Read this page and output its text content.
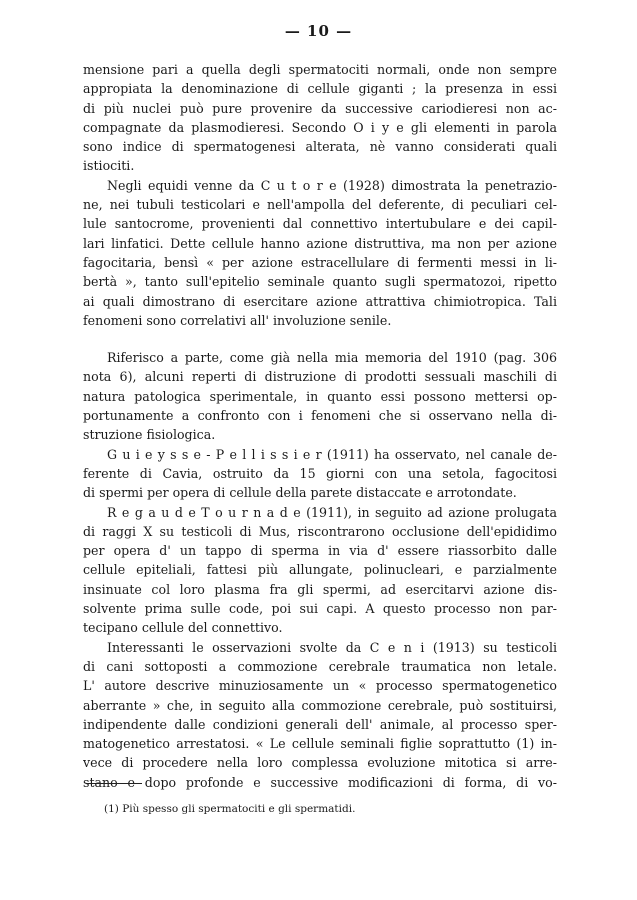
— 10 —
mensione pari a quella degli spermatociti normali, onde non sempre
appropiata la denominazione di cellule giganti ; la presenza in essi
di più nuclei può pure provenire da successive cariodieresi non ac-
compagnate da plasmodieresi. Secondo O i y e gli elementi in parola
sono indice di spermatogenesi alterata, nè vanno considerati quali
istiociti.
Negli equidi venne da C u t o r e (1928) dimostrata la penetrazio-
ne, nei tubuli testicolari e nell'ampolla del deferente, di peculiari cel-
lule santocrome, provenienti dal connettivo intertubulare e dei capil-
lari linfatici. Dette cellule hanno azione distruttiva, ma non per azione
fagocitaria, bensì « per azione estracellulare di fermenti messi in li-
bertà », tanto sull'epitelio seminale quanto sugli spermatozoi, ripetto
ai quali dimostrano di esercitare azione attrattiva chimiotropica. Tali
fenomeni sono correlativi all' involuzione senile.
Riferisco a parte, come già nella mia memoria del 1910 (pag. 306
nota 6), alcuni reperti di distruzione di prodotti sessuali maschili di
natura patologica sperimentale, in quanto essi possono mettersi op-
portunamente a confronto con i fenomeni che si osservano nella di-
struzione fisiologica.
G u i e y s s e - P e l l i s s i e r (1911) ha osservato, nel canale de-
ferente di Cavia, ostruito da 15 giorni con una setola, fagocitosi
di spermi per opera di cellule della parete distaccate e arrotondate.
R e g a u d e T o u r n a d e (1911), in seguito ad azione prolugata
di raggi X su testicoli di Mus, riscontrarono occlusione dell'epididimo
per opera d' un tappo di sperma in via d' essere riassorbito dalle
cellule epiteliali, fattesi più allungate, polinucleari, e parzialmente
insinuate col loro plasma fra gli spermi, ad esercitarvi azione dis-
solvente prima sulle code, poi sui capi. A questo processo non par-
tecipano cellule del connettivo.
Interessanti le osservazioni svolte da C e n i (1913) su testicoli
di cani sottoposti a commozione cerebrale traumatica non letale.
L' autore descrive minuziosamente un « processo spermatogenetico
aberrante » che, in seguito alla commozione cerebrale, può sostituirsi,
indipendente dalle condizioni generali dell' animale, al processo sper-
matogenetico arrestatosi. « Le cellule seminali figlie soprattutto (1) in-
vece di procedere nella loro complessa evoluzione mitotica si arre-
stano e dopo profonde e successive modificazioni di forma, di vo-
(1) Più spesso gli spermatociti e gli spermatidi.
